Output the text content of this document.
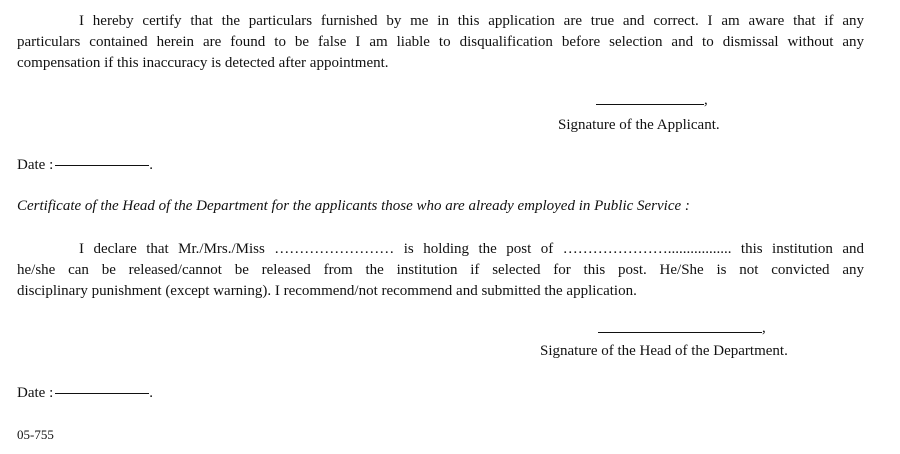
I hereby certify that the particulars furnished by me in this application are true and correct. I am aware that if any
particulars contained herein are found to be false I am liable to disqualification before selection and to dismissal without any
compensation if this inaccuracy is detected after appointment.
,
Signature of the Applicant.
Date :	.
Certificate of the Head of the Department for the applicants those who are already employed in Public Service :
I declare that Mr./Mrs./Miss …………………… is holding the post of …………………................. this institution and
he/she can be released/cannot be released from the institution if selected for this post. He/She is not convicted any
disciplinary punishment (except warning). I recommend/not recommend and submitted the application.
,
Signature of the Head of the Department.
Date :	.
05-755
